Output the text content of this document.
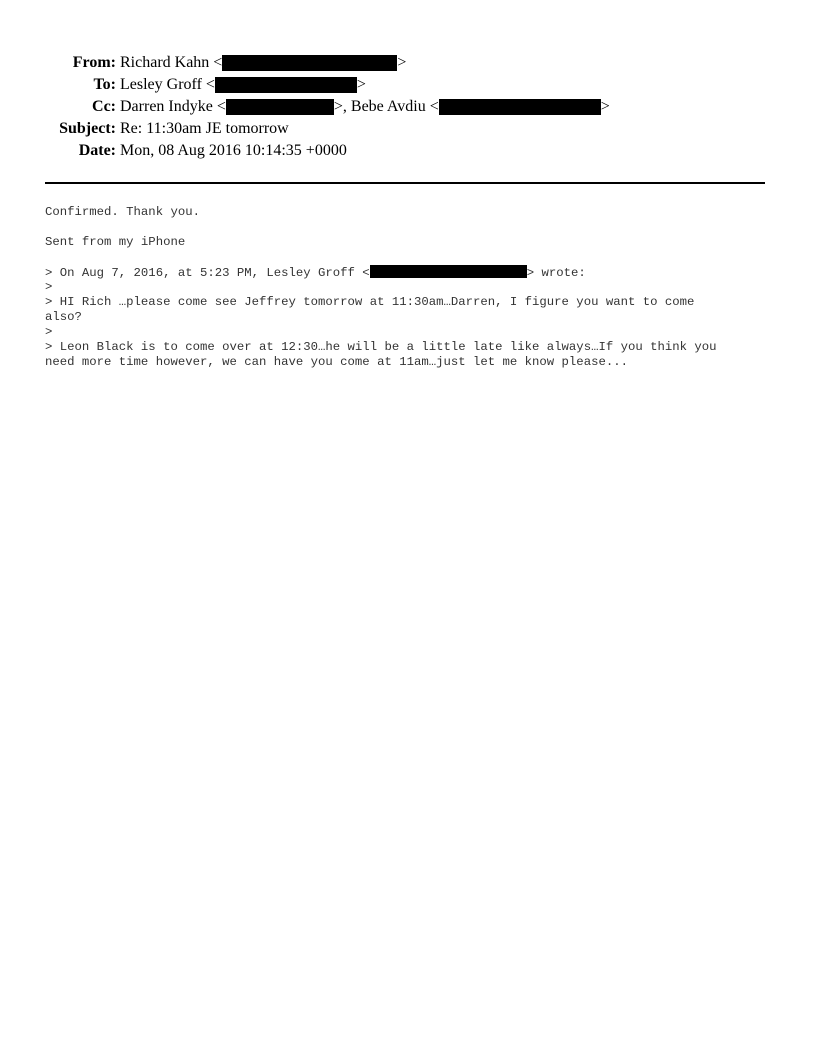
From: Richard Kahn <	>
To: Lesley Groff <	>
Cc: Darren Indyke <	>, Bebe Avdiu <	>
Subject: Re: 11:30am JE tomorrow
Date: Mon, 08 Aug 2016 10:14:35 +0000
Confirmed. Thank you.
Sent from my iPhone
> On Aug 7, 2016, at 5:23 PM, Lesley Groff <	> wrote:
>
> HI Rich …please come see Jeffrey tomorrow at 11:30am…Darren, I figure you want to come
also?
>
> Leon Black is to come over at 12:30…he will be a little late like always…If you think you
need more time however, we can have you come at 11am…just let me know please...
